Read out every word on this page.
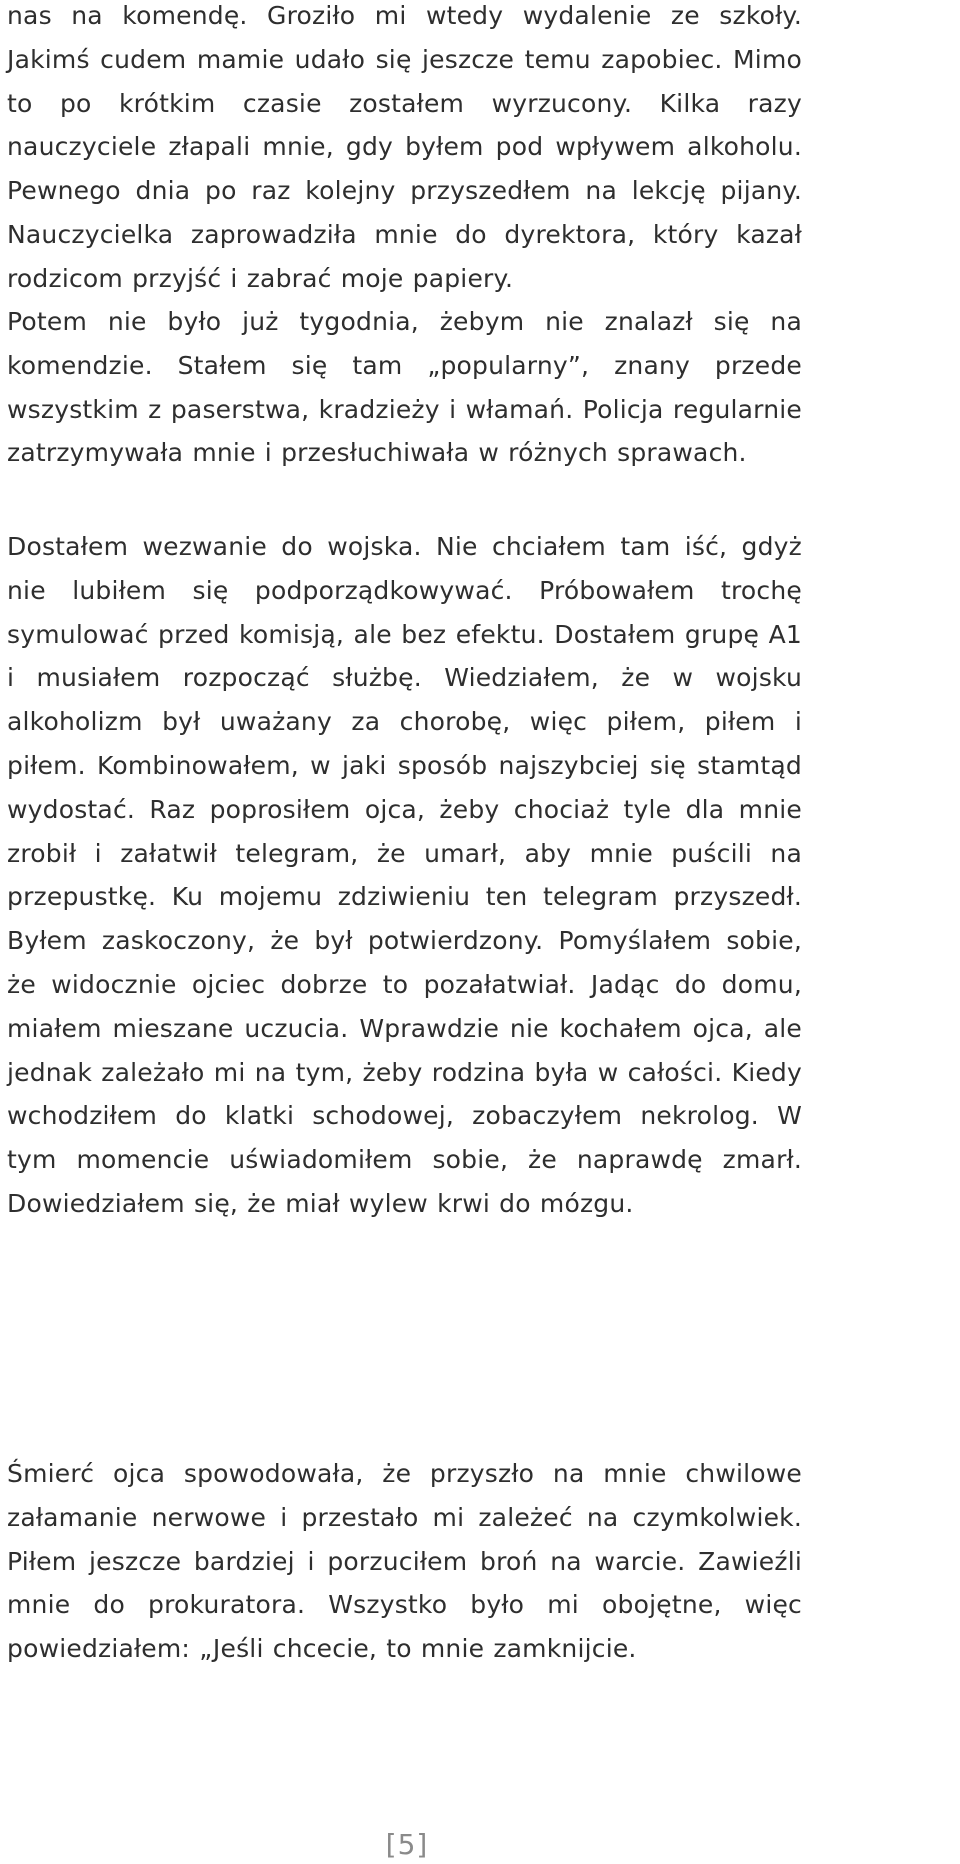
nas na komendę. Groziło mi wtedy wydalenie ze szkoły. Jakimś cudem mamie udało się jeszcze temu zapobiec. Mimo to po krótkim czasie zostałem wyrzucony. Kilka razy nauczyciele złapali mnie, gdy byłem pod wpływem alkoholu. Pewnego dnia po raz kolejny przyszedłem na lekcję pijany. Nauczycielka zaprowadziła mnie do dyrektora, który kazał rodzicom przyjść i zabrać moje papiery.

Potem nie było już tygodnia, żebym nie znalazł się na komendzie. Stałem się tam „popularny”, znany przede wszystkim z paserstwa, kradzieży i włamań. Policja regularnie zatrzymywała mnie i przesłuchiwała w różnych sprawach.

Dostałem wezwanie do wojska. Nie chciałem tam iść, gdyż nie lubiłem się podporządkowywać. Próbowałem trochę symulować przed komisją, ale bez efektu. Dostałem grupę A1 i musiałem rozpocząć służbę. Wiedziałem, że w wojsku alkoholizm był uważany za chorobę, więc piłem, piłem i piłem. Kombinowałem, w jaki sposób najszybciej się stamtąd wydostać. Raz poprosiłem ojca, żeby chociaż tyle dla mnie zrobił i załatwił telegram, że umarł, aby mnie puścili na przepustkę. Ku mojemu zdziwieniu ten telegram przyszedł. Byłem zaskoczony, że był potwierdzony. Pomyślałem sobie, że widocznie ojciec dobrze to pozałatwiał. Jadąc do domu, miałem mieszane uczucia. Wprawdzie nie kochałem ojca, ale jednak zależało mi na tym, żeby rodzina była w całości. Kiedy wchodziłem do klatki schodowej, zobaczyłem nekrolog. W tym momencie uświadomiłem sobie, że naprawdę zmarł. Dowiedziałem się, że miał wylew krwi do mózgu.

Śmierć ojca spowodowała, że przyszło na mnie chwilowe załamanie nerwowe i przestało mi zależeć na czymkolwiek. Piłem jeszcze bardziej i porzuciłem broń na warcie. Zawieźli mnie do prokuratora. Wszystko było mi obojętne, więc powiedziałem: „Jeśli chcecie, to mnie zamknijcie.

[5]
